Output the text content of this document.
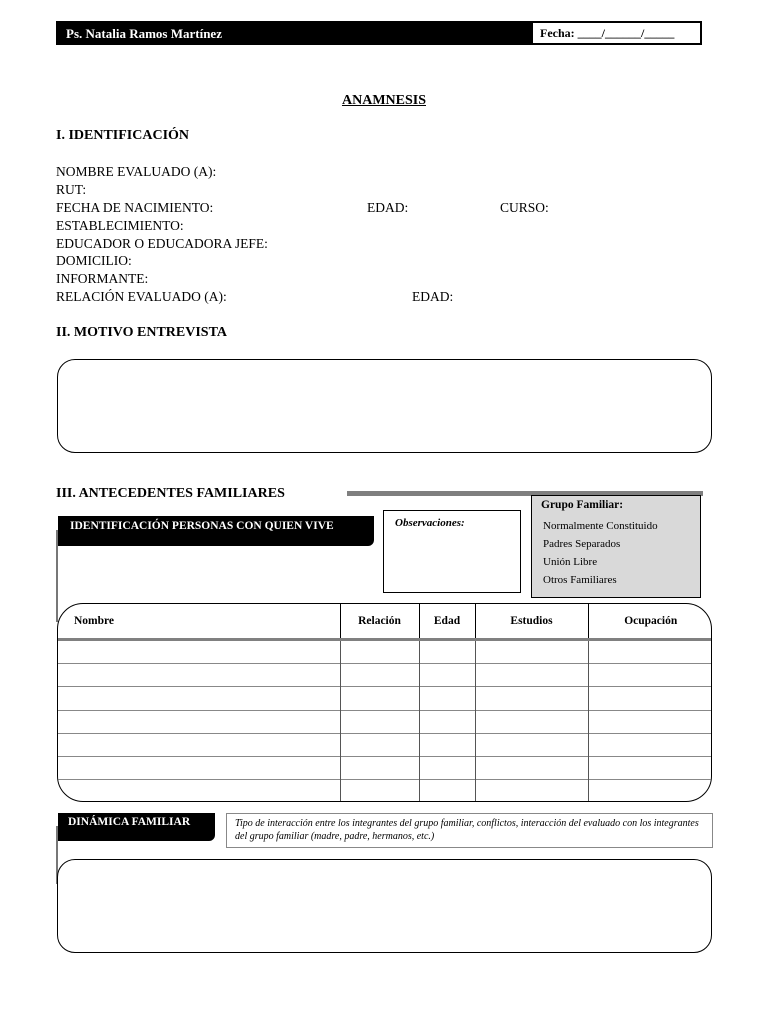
Ps. Natalia Ramos Martínez	Fecha: ____/______/_____
ANAMNESIS
I. IDENTIFICACIÓN
NOMBRE EVALUADO (A):
RUT:
FECHA DE NACIMIENTO:	EDAD:	CURSO:
ESTABLECIMIENTO:
EDUCADOR O EDUCADORA JEFE:
DOMICILIO:
INFORMANTE:
RELACIÓN EVALUADO (A):	EDAD:
II. MOTIVO ENTREVISTA
III. ANTECEDENTES FAMILIARES
IDENTIFICACIÓN PERSONAS CON QUIEN VIVE	Observaciones:
Grupo Familiar:
Normalmente Constituido
Padres Separados
Unión Libre
Otros Familiares
Nombre	Relación	Edad	Estudios	Ocupación

DINÁMICA FAMILIAR	Tipo de interacción entre los integrantes del grupo familiar, conflictos, interacción del evaluado con los integrantes del grupo familiar (madre, padre, hermanos, etc.)
